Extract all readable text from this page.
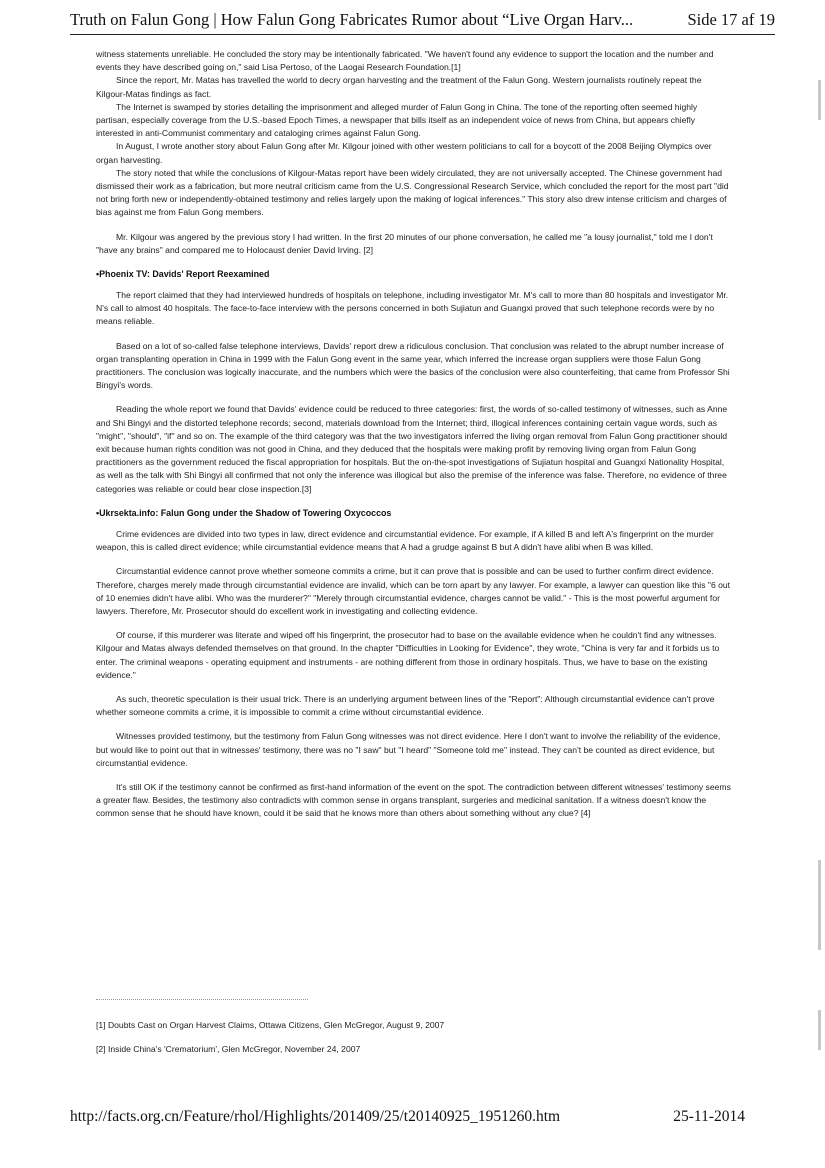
Truth on Falun Gong | How Falun Gong Fabricates Rumor about “Live Organ Harv...	Side 17 af 19

witness statements unreliable. He concluded the story may be intentionally fabricated. "We haven't found any evidence to support the location and the number and events they have described going on," said Lisa Pertoso, of the Laogai Research Foundation.[1]

Since the report, Mr. Matas has travelled the world to decry organ harvesting and the treatment of the Falun Gong. Western journalists routinely repeat the Kilgour-Matas findings as fact.

The Internet is swamped by stories detailing the imprisonment and alleged murder of Falun Gong in China. The tone of the reporting often seemed highly partisan, especially coverage from the U.S.-based Epoch Times, a newspaper that bills itself as an independent voice of news from China, but appears chiefly interested in anti-Communist commentary and cataloging crimes against Falun Gong.

In August, I wrote another story about Falun Gong after Mr. Kilgour joined with other western politicians to call for a boycott of the 2008 Beijing Olympics over organ harvesting.

The story noted that while the conclusions of Kilgour-Matas report have been widely circulated, they are not universally accepted. The Chinese government had dismissed their work as a fabrication, but more neutral criticism came from the U.S. Congressional Research Service, which concluded the report for the most part "did not bring forth new or independently-obtained testimony and relies largely upon the making of logical inferences." This story also drew intense criticism and charges of bias against me from Falun Gong members.

Mr. Kilgour was angered by the previous story I had written. In the first 20 minutes of our phone conversation, he called me "a lousy journalist," told me I don't "have any brains" and compared me to Holocaust denier David Irving. [2]

•Phoenix TV: Davids' Report Reexamined

The report claimed that they had interviewed hundreds of hospitals on telephone, including investigator Mr. M's call to more than 80 hospitals and investigator Mr. N's call to almost 40 hospitals. The face-to-face interview with the persons concerned in both Sujiatun and Guangxi proved that such telephone records were by no means reliable.

Based on a lot of so-called false telephone interviews, Davids' report drew a ridiculous conclusion. That conclusion was related to the abrupt number increase of organ transplanting operation in China in 1999 with the Falun Gong event in the same year, which inferred the increase organ suppliers were those Falun Gong practitioners. The conclusion was logically inaccurate, and the numbers which were the basics of the conclusion were also counterfeiting, that came from Professor Shi Bingyi's words.

Reading the whole report we found that Davids' evidence could be reduced to three categories: first, the words of so-called testimony of witnesses, such as Anne and Shi Bingyi and the distorted telephone records; second, materials download from the Internet; third, illogical inferences containing certain vague words, such as "might", "should", "if" and so on. The example of the third category was that the two investigators inferred the living organ removal from Falun Gong practitioner should exit because human rights condition was not good in China, and they deduced that the hospitals were making profit by removing living organ from Falun Gong practitioners as the government reduced the fiscal appropriation for hospitals. But the on-the-spot investigations of Sujiatun hospital and Guangxi Nationality Hospital, as well as the talk with Shi Bingyi all confirmed that not only the inference was illogical but also the premise of the inference was false. Therefore, no evidence of three categories was reliable or could bear close inspection.[3]

•Ukrsekta.info: Falun Gong under the Shadow of Towering Oxycoccos

Crime evidences are divided into two types in law, direct evidence and circumstantial evidence. For example, if A killed B and left A's fingerprint on the murder weapon, this is called direct evidence; while circumstantial evidence means that A had a grudge against B but A didn't have alibi when B was killed.

Circumstantial evidence cannot prove whether someone commits a crime, but it can prove that is possible and can be used to further confirm direct evidence. Therefore, charges merely made through circumstantial evidence are invalid, which can be torn apart by any lawyer. For example, a lawyer can question like this "6 out of 10 enemies didn't have alibi. Who was the murderer?" "Merely through circumstantial evidence, charges cannot be valid." - This is the most powerful argument for lawyers. Therefore, Mr. Prosecutor should do excellent work in investigating and collecting evidence.

Of course, if this murderer was literate and wiped off his fingerprint, the prosecutor had to base on the available evidence when he couldn't find any witnesses. Kilgour and Matas always defended themselves on that ground. In the chapter "Difficulties in Looking for Evidence", they wrote, "China is very far and it forbids us to enter. The criminal weapons - operating equipment and instruments - are nothing different from those in ordinary hospitals. Thus, we have to base on the existing evidence."

As such, theoretic speculation is their usual trick. There is an underlying argument between lines of the "Report": Although circumstantial evidence can't prove whether someone commits a crime, it is impossible to commit a crime without circumstantial evidence.

Witnesses provided testimony, but the testimony from Falun Gong witnesses was not direct evidence. Here I don't want to involve the reliability of the evidence, but would like to point out that in witnesses' testimony, there was no "I saw" but "I heard" "Someone told me" instead. They can't be counted as direct evidence, but circumstantial evidence.

It's still OK if the testimony cannot be confirmed as first-hand information of the event on the spot. The contradiction between different witnesses' testimony seems a greater flaw. Besides, the testimony also contradicts with common sense in organs transplant, surgeries and medicinal sanitation. If a witness doesn't know the common sense that he should have known, could it be said that he knows more than others about something without any clue? [4]

[1] Doubts Cast on Organ Harvest Claims, Ottawa Citizens, Glen McGregor, August 9, 2007

[2] Inside China's 'Crematorium', Glen McGregor, November 24, 2007

http://facts.org.cn/Feature/rhol/Highlights/201409/25/t20140925_1951260.htm	25-11-2014
